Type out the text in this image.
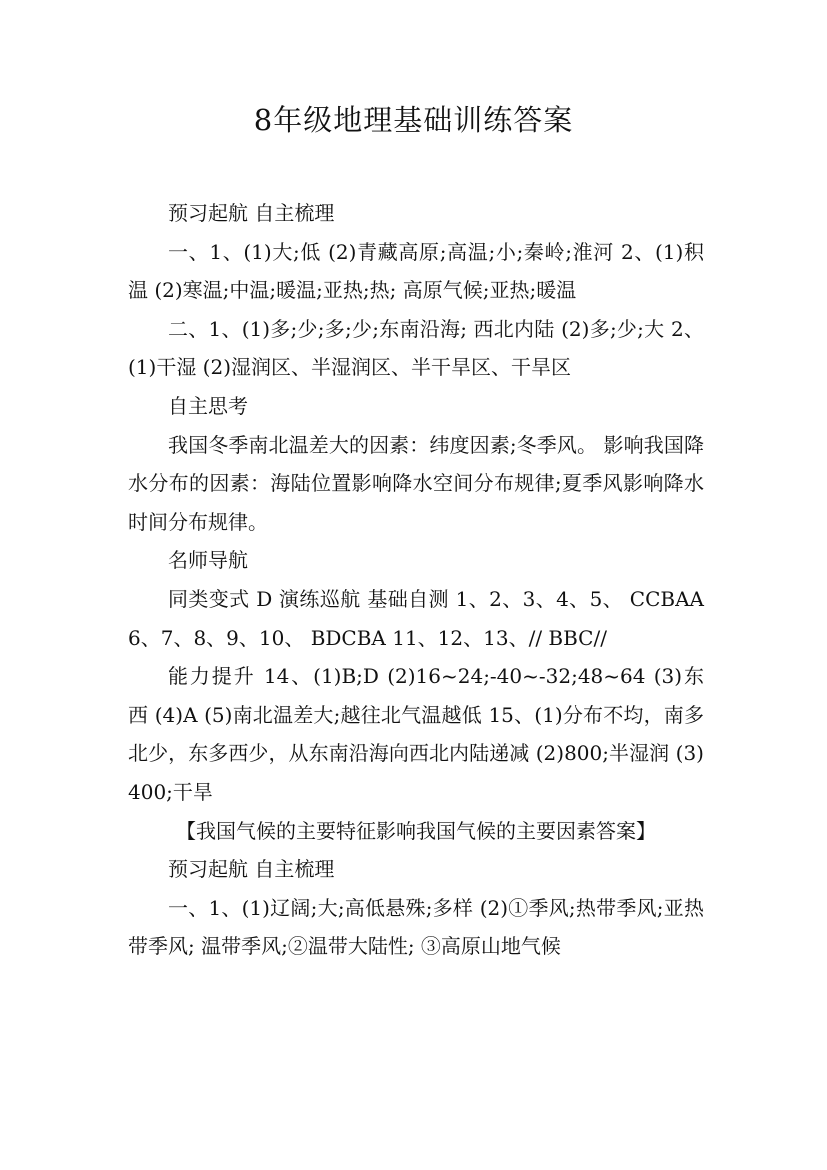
8年级地理基础训练答案

预习起航 自主梳理

一、1、(1)大;低 (2)青藏高原;高温;小;秦岭;淮河 2、(1)积温 (2)寒温;中温;暖温;亚热;热; 高原气候;亚热;暖温

二、1、(1)多;少;多;少;东南沿海; 西北内陆 (2)多;少;大 2、(1)干湿 (2)湿润区、半湿润区、半干旱区、干旱区

自主思考

我国冬季南北温差大的因素：纬度因素;冬季风。 影响我国降水分布的因素：海陆位置影响降水空间分布规律;夏季风影响降水时间分布规律。

名师导航

同类变式 D 演练巡航 基础自测 1、2、3、4、5、 CCBAA 6、7、8、9、10、 BDCBA 11、12、13、// BBC//

能力提升 14、(1)B;D (2)16~24;-40~-32;48~64 (3)东西 (4)A (5)南北温差大;越往北气温越低 15、(1)分布不均，南多北少，东多西少，从东南沿海向西北内陆递减 (2)800;半湿润 (3)400;干旱

【我国气候的主要特征影响我国气候的主要因素答案】

预习起航 自主梳理

一、1、(1)辽阔;大;高低悬殊;多样 (2)①季风;热带季风;亚热带季风; 温带季风;②温带大陆性; ③高原山地气候
